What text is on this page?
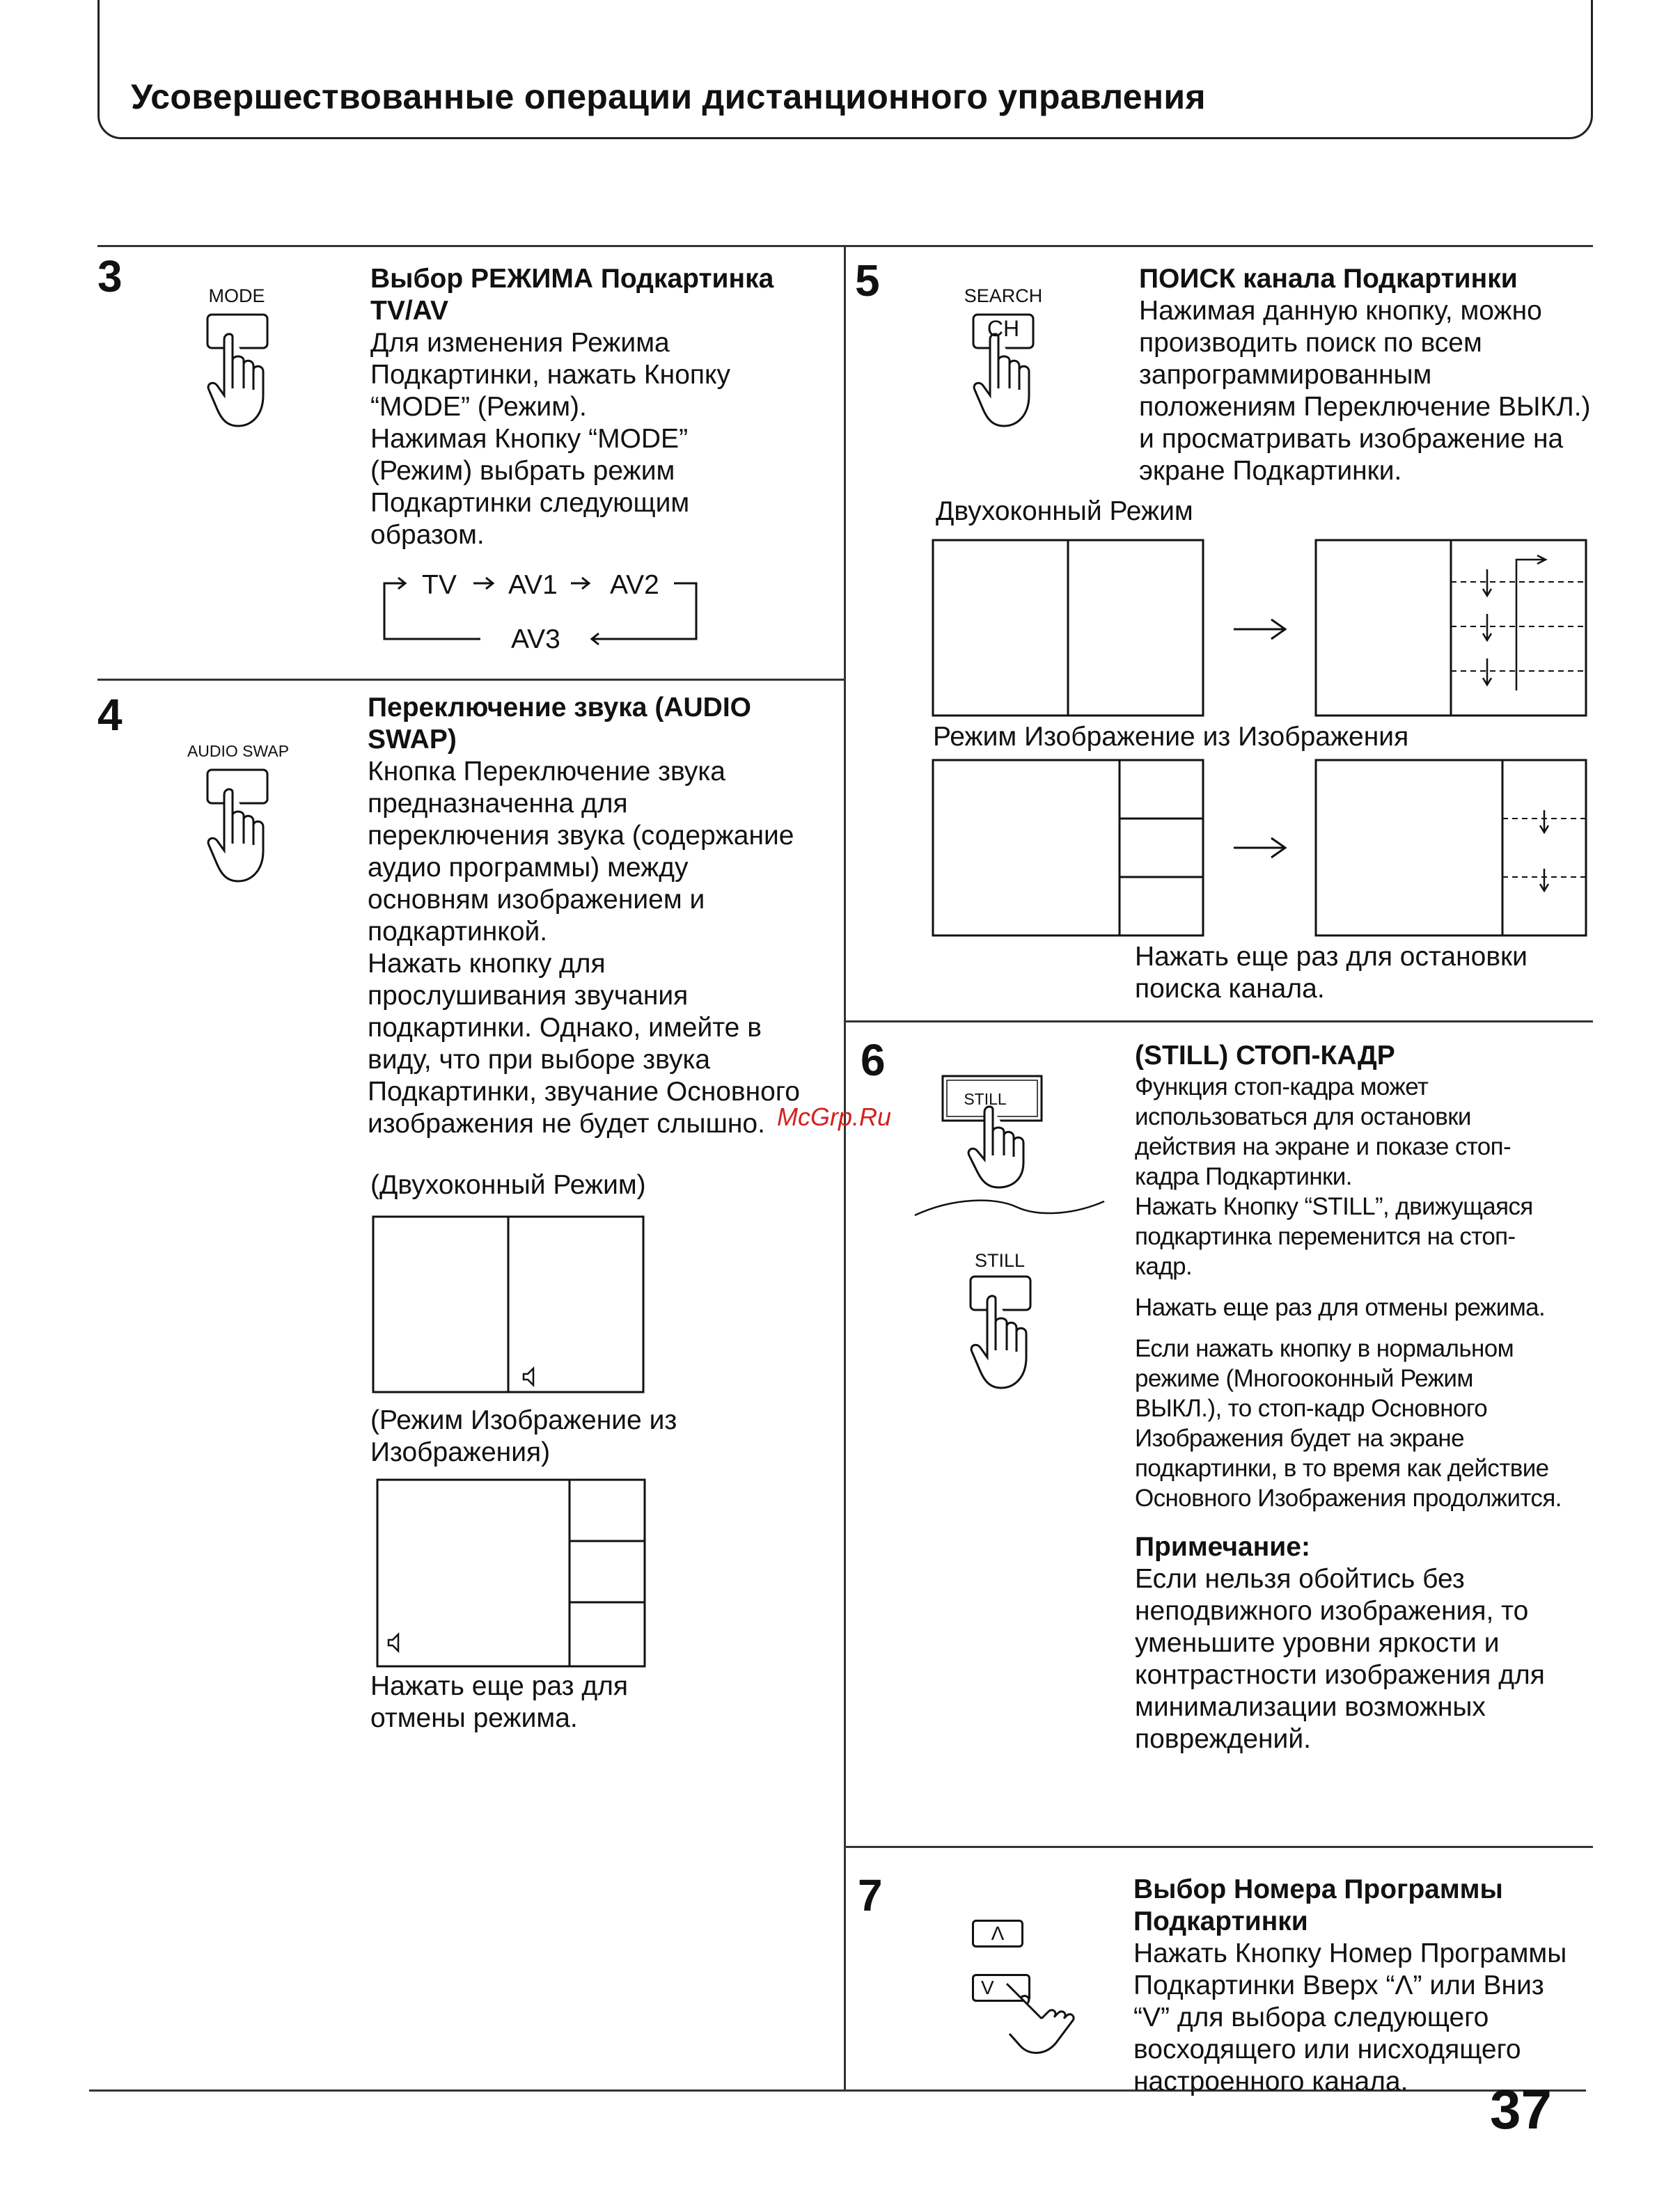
Усовершествованные операции дистанционного управления
3	MODE
Выбор РЕЖИМА Подкартинка
TV/AV
Для изменения Режима
Подкартинки, нажать Кнопку
“MODE” (Режим).
Нажимая Кнопку “MODE”
(Режим) выбрать режим
Подкартинки следующим
образом.
TV AV1 AV2
AV3
4
AUDIO SWAP
Переключение звука (AUDIO
SWAP)
Кнопка Переключение звука
предназначенна для
переключения звука (содержание
аудио программы) между
основням изображением и
подкартинкой.
Нажать кнопку для
прослушивания звучания
подкартинки. Однако, имейте в
виду, что при выборе звука
Подкартинки, звучание Основного
изображения не будет слышно.
(Двухоконный Режим)
(Режим Изображение из
Изображения)
Нажать еще раз для
отмены режима.
5	SEARCH
CH
ПОИСК канала Подкартинки
Нажимая данную кнопку, можно
производить поиск по всем
запрограммированным
положениям Переключение ВЫКЛ.)
и просматривать изображение на
экране Подкартинки.
Двухоконный Режим
Режим Изображение из Изображения
Нажать еще раз для остановки
поиска канала.
6
STILL
STILL
(STILL) СТОП-КАДР
Функция стоп-кадра может
использоваться для остановки
действия на экране и показе стоп-
кадра Подкартинки.
Нажать Кнопку “STILL”, движущаяся
подкартинка переменится на стоп-
кадр.
Нажать еще раз для отмены режима.
Если нажать кнопку в нормальном
режиме (Многооконный Режим
ВЫКЛ.), то стоп-кадр Основного
Изображения будет на экране
подкартинки, в то время как действие
Основного Изображения продолжится.
Примечание:
Если нельзя обойтись без
неподвижного изображения, то
уменьшите уровни яркости и
контрастности изображения для
минимализации возможных
повреждений.
7
Λ
V
Выбор Номера Программы
Подкартинки
Нажать Кнопку Номер Программы
Подкартинки Вверх “Λ” или Вниз
“V” для выбора следующего
восходящего или нисходящего
настроенного канала.
McGrp.Ru
37
